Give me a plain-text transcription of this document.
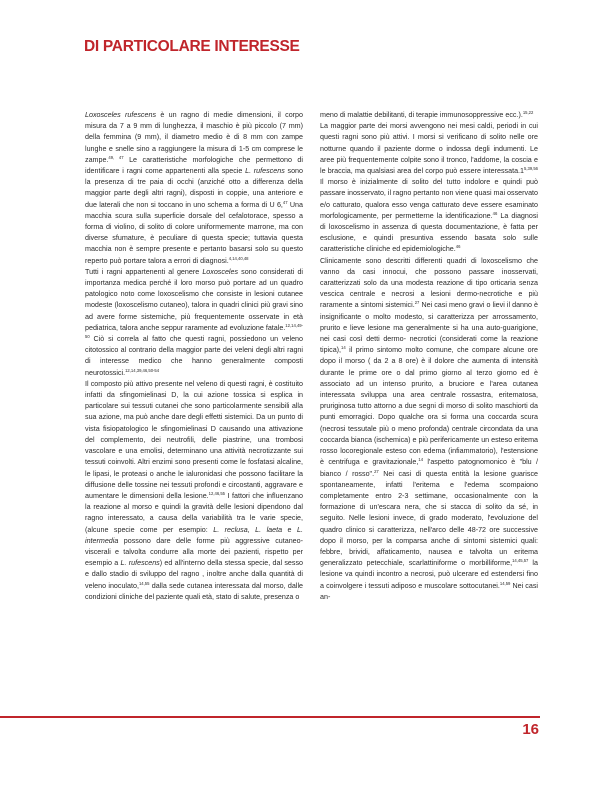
DI PARTICOLARE INTERESSE

Loxosceles rufescens è un ragno di medie dimensioni, il corpo misura da 7 a 9 mm di lunghezza, il maschio è più piccolo (7 mm) della femmina (9 mm), il diametro medio è di 8 mm con zampe lunghe e snelle sino a raggiungere la misura di 1-5 cm comprese le zampe.$^{49, 47}$ Le caratteristiche morfologiche che permettono di identificare i ragni come appartenenti alla specie L. rufescens sono la presenza di tre paia di occhi (anziché otto a differenza della maggior parte degli altri ragni), disposti in coppie, una anteriore e due laterali che non si toccano in uno schema a forma di U 6,47 Una macchia scura sulla superficie dorsale del cefalotorace, spesso a forma di violino, di solito di colore uniformemente marrone, ma con diverse sfumature, è peculiare di questa specie; tuttavia questa macchia non è sempre presente e pertanto basarsi solo su questo reperto può portare talora a errori di diagnosi.$^{4,14,40,48}$

Tutti i ragni appartenenti al genere Loxosceles sono considerati di importanza medica perché il loro morso può portare ad un quadro patologico noto come loxoscelismo che consiste in lesioni cutanee modeste (loxoscelismo cutaneo), talora in quadri clinici più gravi sino ad avere forme sistemiche, più frequentemente osservate in età pediatrica, talora anche seppur raramente ad evoluzione fatale.$^{12,14,49-50}$ Ciò si correla al fatto che questi ragni, possiedono un veleno citotossico al contrario della maggior parte dei veleni degli altri ragni di interesse medico che hanno generalmente composti neurotossici.$^{12,14,39,46,50-54}$

Il composto più attivo presente nel veleno di questi ragni, è costituito infatti da sfingomielinasi D, la cui azione tossica si esplica in particolare sui tessuti cutanei che sono particolarmente sensibili alla sua azione, ma può anche dare degli effetti sistemici. Da un punto di vista fisiopatologico le sfingomielinasi D causando una attivazione del complemento, dei neutrofili, delle piastrine, una trombosi vascolare e una emolisi, determinano una attività necrotizzante sui tessuti coinvolti. Altri enzimi sono presenti come le fosfatasi alcaline, le lipasi, le proteasi o anche le ialuronidasi che possono facilitare la diffusione delle tossine nei tessuti profondi e circostanti, aggravare e aumentare le dimensioni della lesione.$^{12,46,55}$ I fattori che influenzano la reazione al morso e quindi la gravità delle lesioni dipendono dal ragno interessato, a causa della variabilità tra le varie specie, (alcune specie come per esempio: L. reclusa, L. laeta e L. intermedia possono dare delle forme più aggressive cutaneo-viscerali e talvolta condurre alla morte dei pazienti, rispetto per esempio a L. rufescens) ed all'interno della stessa specie, dal sesso e dallo stadio di sviluppo del ragno , inoltre anche dalla quantità di veleno inoculato,$^{14,55}$ dalla sede cutanea interessata dal morso, dalle condizioni cliniche del paziente quali età, stato di salute, presenza o

meno di malattie debilitanti, di terapie immunosoppressive ecc.).$^{15,22}$

La maggior parte dei morsi avvengono nei mesi caldi, periodi in cui questi ragni sono più attivi. I morsi si verificano di solito nelle ore notturne quando il paziente dorme o indossa degli indumenti. Le aree più frequentemente colpite sono il tronco, l'addome, la coscia e le braccia, ma qualsiasi area del corpo può essere interessata.1$^{5,39,56}$ Il morso è inizialmente di solito del tutto indolore e quindi può passare inosservato, il ragno pertanto non viene quasi mai osservato e/o catturato, qualora esso venga catturato deve essere esaminato morfologicamente, per permetterne la identificazione.$^{46}$ La diagnosi di loxoscelismo in assenza di questa documentazione, è fatta per esclusione, e quindi presuntiva essendo basata solo sulle caratteristiche cliniche ed epidemiologiche.$^{46}$

Clinicamente sono descritti differenti quadri di loxoscelismo che vanno da casi innocui, che possono passare inosservati, caratterizzati solo da una modesta reazione di tipo orticaria senza vescica centrale e necrosi a lesioni dermo-necrotiche e più raramente a sintomi sistemici.$^{27}$ Nei casi meno gravi o lievi il danno è insignificante o molto modesto, si caratterizza per arrossamento, prurito e lieve lesione ma generalmente si ha una auto-guarigione, nei casi così detti dermo- necrotici (considerati come la reazione tipica),$^{14}$ il primo sintomo molto comune, che compare alcune ore dopo il morso ( da 2 a 8 ore) è il dolore che aumenta di intensità durante le prime ore o dal primo giorno al terzo giorno ed è associato ad un intenso prurito, a bruciore e l'area cutanea interessata sviluppa una area centrale rossastra, eritematosa, pruriginosa tutto attorno a due segni di morso di solito maschiorti da punti emorragici. Dopo qualche ora si forma una coccarda scura (necrosi tessutale più o meno profonda) centrale circondata da una coccarda bianca (ischemica) e più perifericamente un esteso eritema rosso locoregionale esteso con edema (infiammatorio), l'estensione è centrifuga e gravitazionale,$^{14}$ l'aspetto patognomonico è "blu / bianco / rosso".$^{27}$ Nei casi di questa entità la lesione guarisce spontaneamente, infatti l'eritema e l'edema scompaiono completamente entro 2-3 settimane, occasionalmente con la formazione di un'escara nera, che si stacca di solito da sé, in seguito. Nelle lesioni invece, di grado moderato, l'evoluzione del quadro clinico si caratterizza, nell'arco delle 48-72 ore successive dopo il morso, per la comparsa anche di sintomi sistemici quali: febbre, brividi, affaticamento, nausea e talvolta un eritema generalizzato petecchiale, scarlattiniforme o morbilliforme,$^{14,45,57}$ la lesione va quindi incontro a necrosi, può ulcerare ed estendersi fino a coinvolgere i tessuti adiposo e muscolare sottocutanei.$^{14,59}$ Nei casi an-

16
